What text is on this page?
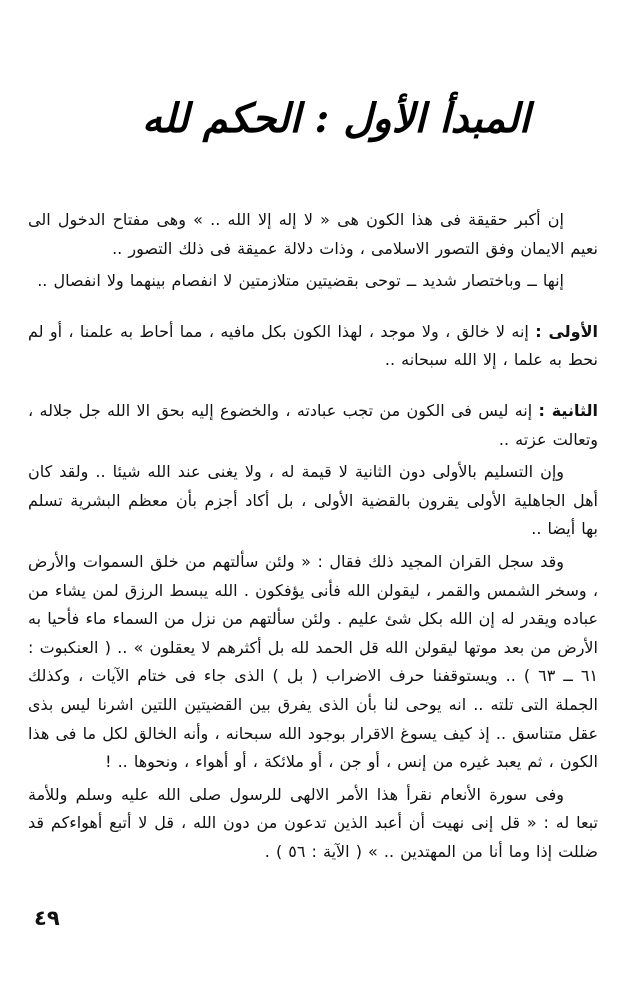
المبدأ الأول : الحكم لله

إن أكبر حقيقة فى هذا الكون هى « لا إله إلا الله .. » وهى مفتاح الدخول الى نعيم الايمان وفق التصور الاسلامى ، وذات دلالة عميقة فى ذلك التصور ..

إنها ــ وباختصار شديد ــ توحى بقضيتين متلازمتين لا انفصام بينهما ولا انفصال ..

الأولى : إنه لا خالق ، ولا موجد ، لهذا الكون بكل مافيه ، مما أحاط به علمنا ، أو لم نحط به علما ، إلا الله سبحانه ..

الثانية : إنه ليس فى الكون من تجب عبادته ، والخضوع إليه بحق الا الله جل جلاله ، وتعالت عزته ..

وإن التسليم بالأولى دون الثانية لا قيمة له ، ولا يغنى عند الله شيئا .. ولقد كان أهل الجاهلية الأولى يقرون بالقضية الأولى ، بل أكاد أجزم بأن معظم البشرية تسلم بها أيضا ..

وقد سجل القران المجيد ذلك فقال : « ولئن سألتهم من خلق السموات والأرض ، وسخر الشمس والقمر ، ليقولن الله فأنى يؤفكون . الله يبسط الرزق لمن يشاء من عباده ويقدر له إن الله بكل شئ عليم . ولئن سألتهم من نزل من السماء ماء فأحيا به الأرض من بعد موتها ليقولن الله قل الحمد لله بل أكثرهم لا يعقلون » .. ( العنكبوت : ٦١ ــ ٦٣ ) .. ويستوقفنا حرف الاضراب ( بل ) الذى جاء فى ختام الآيات ، وكذلك الجملة التى تلته .. انه يوحى لنا بأن الذى يفرق بين القضيتين اللتين اشرنا ليس بذى عقل متناسق .. إذ كيف يسوغ الاقرار بوجود الله سبحانه ، وأنه الخالق لكل ما فى هذا الكون ، ثم يعبد غيره من إنس ، أو جن ، أو ملائكة ، أو أهواء ، ونحوها .. !

وفى سورة الأنعام نقرأ هذا الأمر الالهى للرسول صلى الله عليه وسلم وللأمة تبعا له : « قل إنى نهيت أن أعبد الذين تدعون من دون الله ، قل لا أتبع أهواءكم قد ضللت إذا وما أنا من المهتدين .. » ( الآية : ٥٦ ) .

٤٩
